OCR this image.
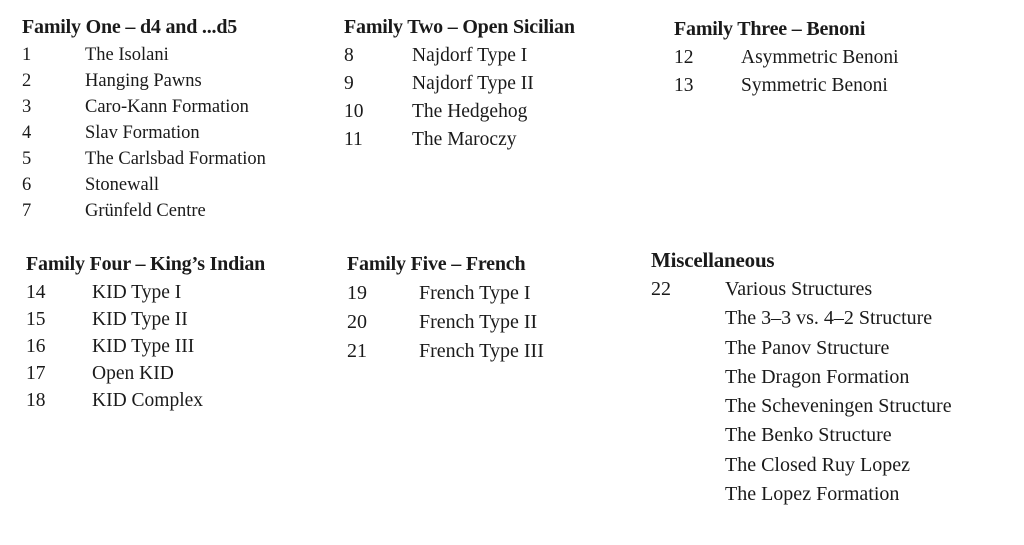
Family One – d4 and ...d5
1	The Isolani
2	Hanging Pawns
3	Caro-Kann Formation
4	Slav Formation
5	The Carlsbad Formation
6	Stonewall
7	Grünfeld Centre
Family Two – Open Sicilian
8	Najdorf Type I
9	Najdorf Type II
10	The Hedgehog
11	The Maroczy
Family Three – Benoni
12	Asymmetric Benoni
13	Symmetric Benoni
Family Four – King’s Indian
14	KID Type I
15	KID Type II
16	KID Type III
17	Open KID
18	KID Complex
Family Five – French
19	French Type I
20	French Type II
21	French Type III
Miscellaneous
22	Various Structures
The 3–3 vs. 4–2 Structure
The Panov Structure
The Dragon Formation
The Scheveningen Structure
The Benko Structure
The Closed Ruy Lopez
The Lopez Formation
